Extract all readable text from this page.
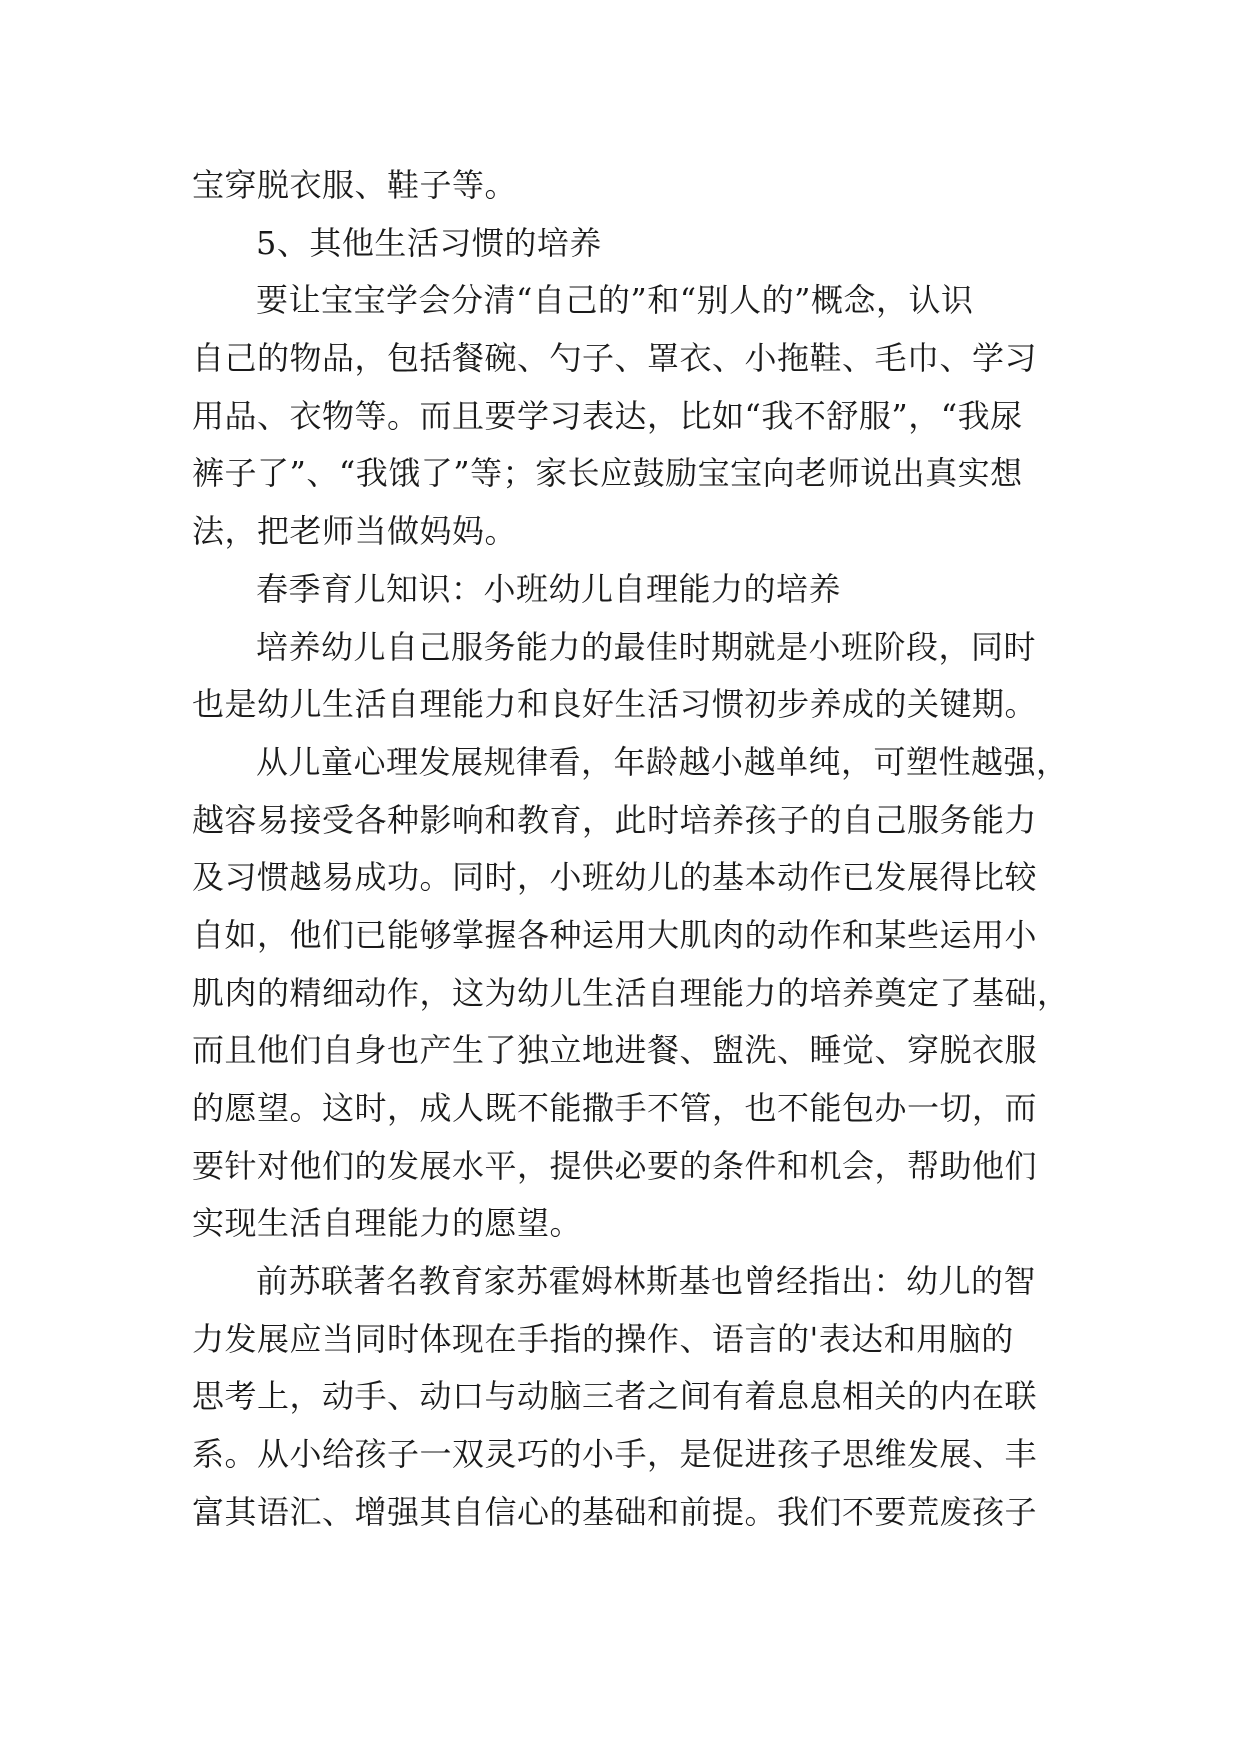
宝穿脱衣服、鞋子等。
5、其他生活习惯的培养
要让宝宝学会分清“自己的”和“别人的”概念，认识
自己的物品，包括餐碗、勺子、罩衣、小拖鞋、毛巾、学习
用品、衣物等。而且要学习表达，比如“我不舒服”，“我尿
裤子了”、“我饿了”等；家长应鼓励宝宝向老师说出真实想
法，把老师当做妈妈。
春季育儿知识：小班幼儿自理能力的培养
培养幼儿自己服务能力的最佳时期就是小班阶段，同时
也是幼儿生活自理能力和良好生活习惯初步养成的关键期。
从儿童心理发展规律看，年龄越小越单纯，可塑性越强，
越容易接受各种影响和教育，此时培养孩子的自己服务能力
及习惯越易成功。同时，小班幼儿的基本动作已发展得比较
自如，他们已能够掌握各种运用大肌肉的动作和某些运用小
肌肉的精细动作，这为幼儿生活自理能力的培养奠定了基础，
而且他们自身也产生了独立地进餐、盥洗、睡觉、穿脱衣服
的愿望。这时，成人既不能撒手不管，也不能包办一切，而
要针对他们的发展水平，提供必要的条件和机会，帮助他们
实现生活自理能力的愿望。
前苏联著名教育家苏霍姆林斯基也曾经指出：幼儿的智
力发展应当同时体现在手指的操作、语言的'表达和用脑的
思考上，动手、动口与动脑三者之间有着息息相关的内在联
系。从小给孩子一双灵巧的小手，是促进孩子思维发展、丰
富其语汇、增强其自信心的基础和前提。我们不要荒废孩子
